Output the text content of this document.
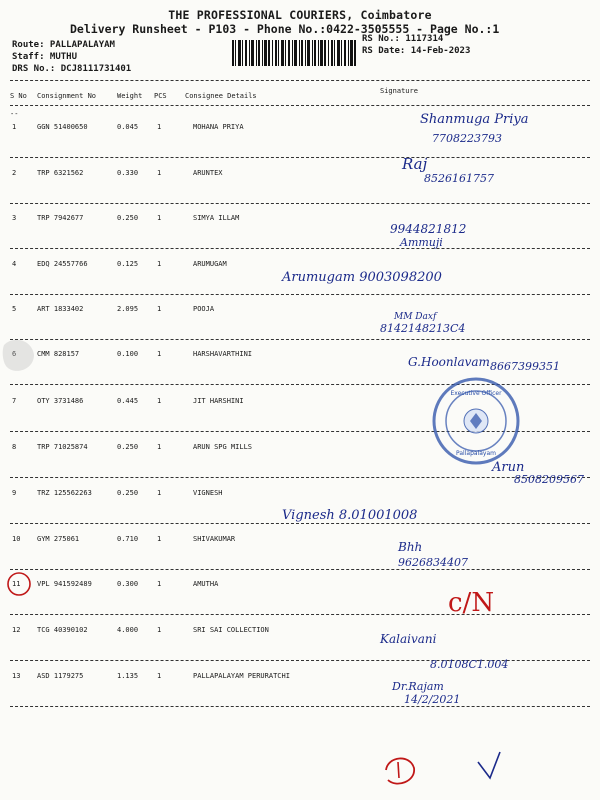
THE PROFESSIONAL COURIERS, Coimbatore
Delivery Runsheet - P103 - Phone No.:0422-3505555 - Page No.:1
Route: PALLAPALAYAM
Staff: MUTHU
DRS No.: DCJ8111731401
RS No.: 1117314
RS Date: 14-Feb-2023
S No Consignment No	Weight PCS	Consignee Details
Signature
--
1	GGN 51400650	0.045	1	MOHANA PRIYA
2	TRP 6321562	0.330	1	ARUNTEX
3	TRP 7942677	0.250	1	SIMYA ILLAM
4	EDQ 24557766	0.125	1	ARUMUGAM
5	ART 1833402	2.095	1	POOJA
6	CMM 828157	0.100	1	HARSHAVARTHINI
7	OTY 3731486	0.445	1	JIT HARSHINI
8	TRP 71025874	0.250	1	ARUN SPG MILLS
9	TRZ 125562263	0.250	1	VIGNESH
10 GYM 275061	0.710	1	SHIVAKUMAR
11 VPL 941592489	0.300	1	AMUTHA
12 TCG 40390102	4.000	1	SRI SAI COLLECTION
13 ASD 1179275	1.135	1	PALLAPALAYAM PERURATCHI
Shanmuga Priya
7708223793
Raj
8526161757
9944821812
Ammuji
Arumugam 9003098200
MM Daxf
8142148213C4
G.Hoonlavam 8667399351
Arun
8508209567
Vignesh 8.01001008
Bhh
9626834407
c/N
Kalaivani
8.0108C1.004
Dr.Rajam
14/2/2021
Executive Officer
Pallapalayam
